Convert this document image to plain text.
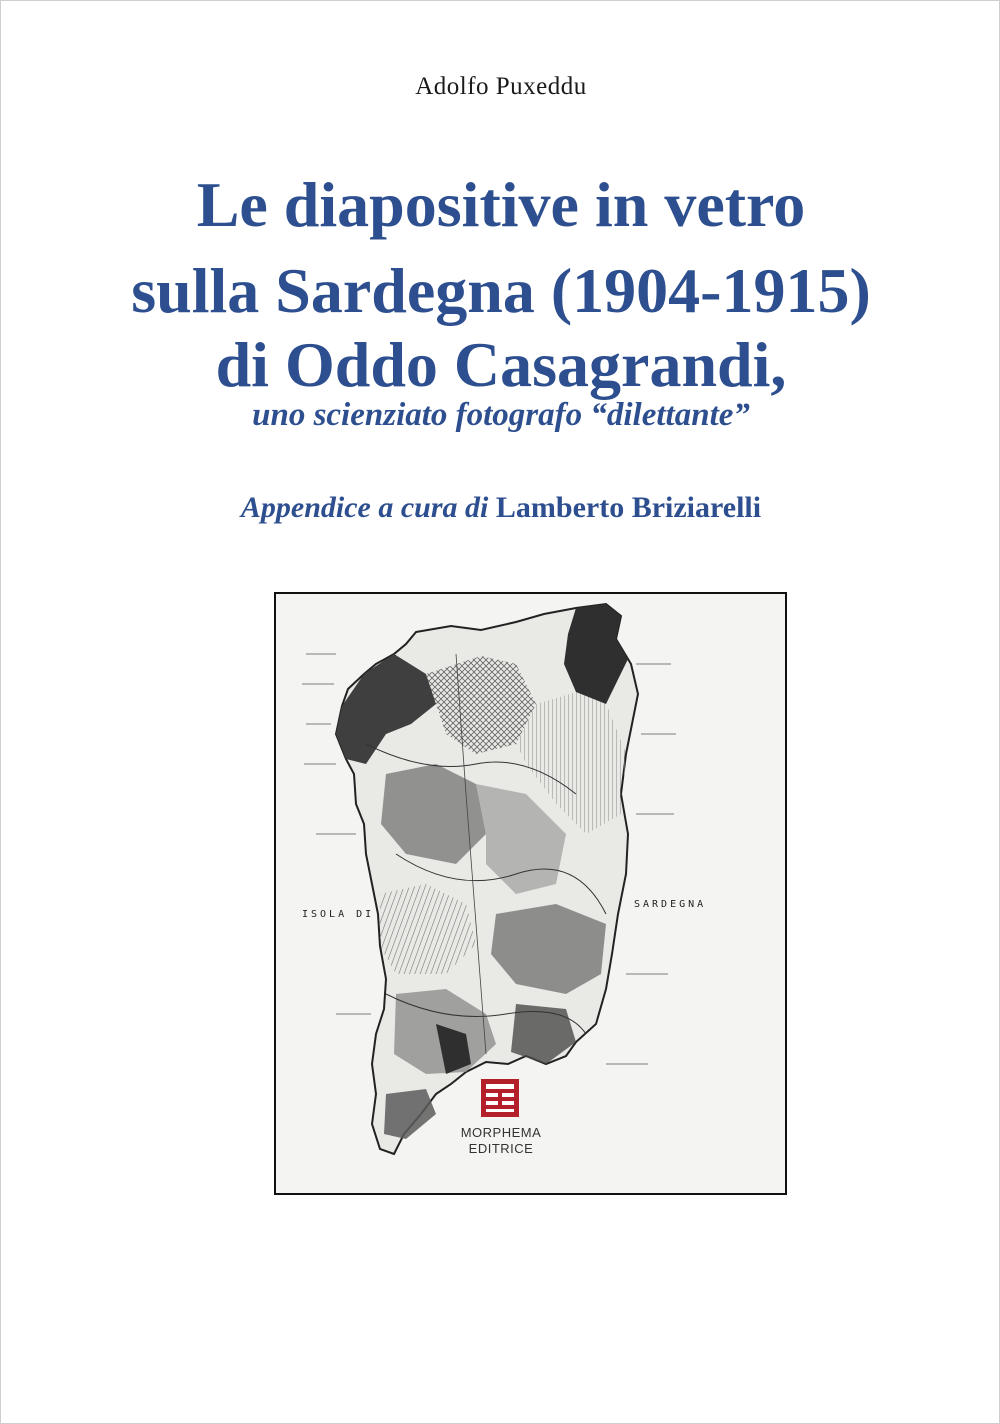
Adolfo Puxeddu
Le diapositive in vetro
sulla Sardegna (1904-1915)
di Oddo Casagrandi,
uno scienziato fotografo “dilettante”
Appendice a cura di Lamberto Briziarelli
ISOLA DI
SARDEGNA
MORPHEMA
EDITRICE
